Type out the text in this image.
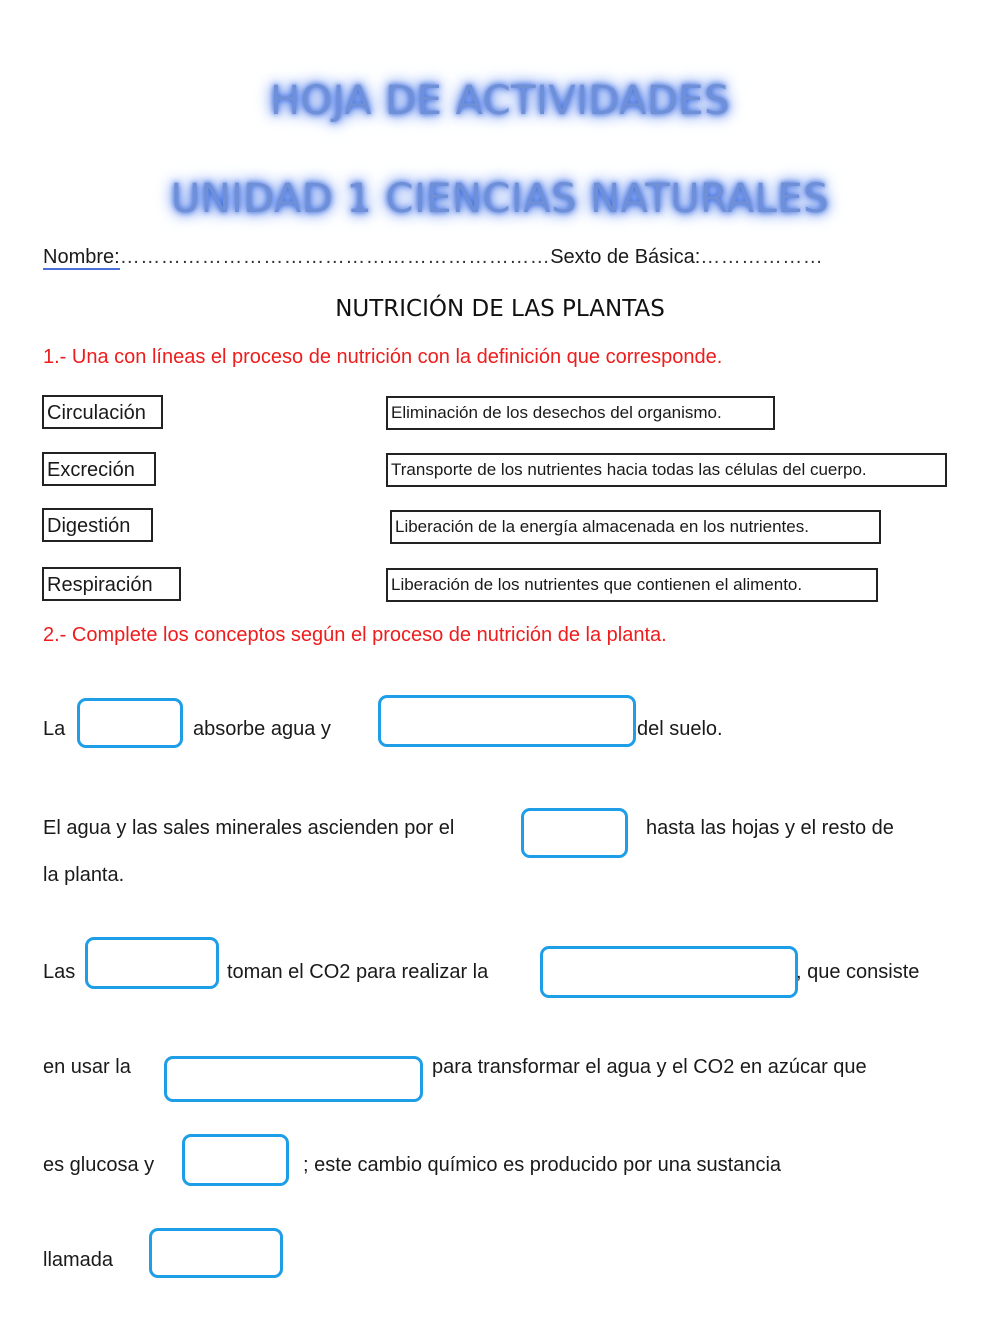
HOJA DE ACTIVIDADES
UNIDAD 1 CIENCIAS NATURALES
Nombre:………………………………………………………Sexto de Básica:………………
NUTRICIÓN DE LAS PLANTAS
1.- Una con líneas el proceso de nutrición con la definición que corresponde.
Circulación
Excreción
Digestión
Respiración
Eliminación de los desechos del organismo.
Transporte de los nutrientes hacia todas las células del cuerpo.
Liberación de la energía almacenada en los nutrientes.
Liberación de los nutrientes que contienen el alimento.
2.- Complete los conceptos según el proceso de nutrición de la planta.
La	absorbe agua y	del suelo.
El agua y las sales minerales ascienden por el	hasta las hojas y el resto de
la planta.
Las	toman el CO2 para realizar la	, que consiste
en usar la	para transformar el agua y el CO2 en azúcar que
es glucosa y	; este cambio químico es producido por una sustancia
llamada
